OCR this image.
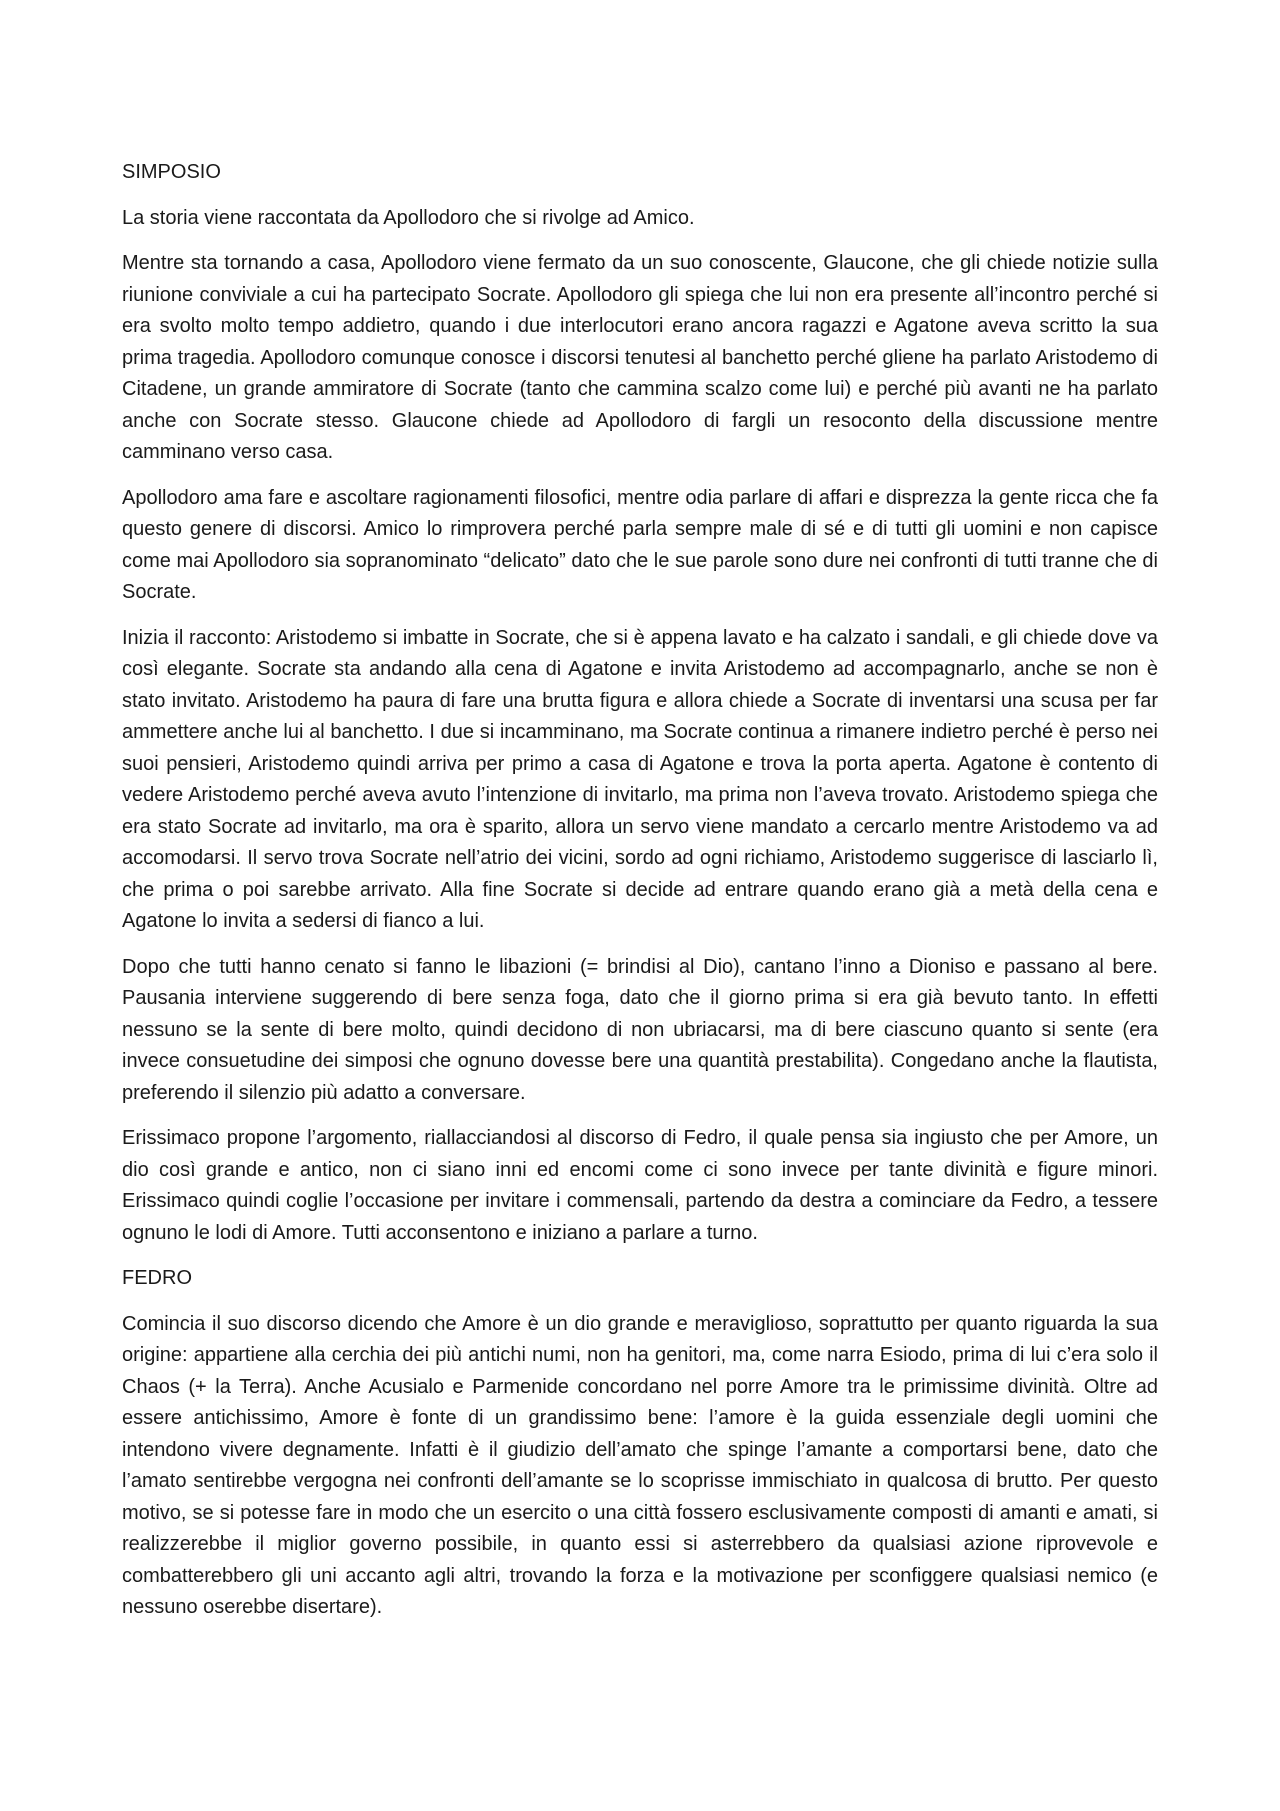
SIMPOSIO

La storia viene raccontata da Apollodoro che si rivolge ad Amico.

Mentre sta tornando a casa, Apollodoro viene fermato da un suo conoscente, Glaucone, che gli chiede notizie sulla riunione conviviale a cui ha partecipato Socrate. Apollodoro gli spiega che lui non era presente all’incontro perché si era svolto molto tempo addietro, quando i due interlocutori erano ancora ragazzi e Agatone aveva scritto la sua prima tragedia. Apollodoro comunque conosce i discorsi tenutesi al banchetto perché gliene ha parlato Aristodemo di Citadene, un grande ammiratore di Socrate (tanto che cammina scalzo come lui) e perché più avanti ne ha parlato anche con Socrate stesso. Glaucone chiede ad Apollodoro di fargli un resoconto della discussione mentre camminano verso casa.

Apollodoro ama fare e ascoltare ragionamenti filosofici, mentre odia parlare di affari e disprezza la gente ricca che fa questo genere di discorsi. Amico lo rimprovera perché parla sempre male di sé e di tutti gli uomini e non capisce come mai Apollodoro sia sopranominato “delicato” dato che le sue parole sono dure nei confronti di tutti tranne che di Socrate.

Inizia il racconto: Aristodemo si imbatte in Socrate, che si è appena lavato e ha calzato i sandali, e gli chiede dove va così elegante. Socrate sta andando alla cena di Agatone e invita Aristodemo ad accompagnarlo, anche se non è stato invitato. Aristodemo ha paura di fare una brutta figura e allora chiede a Socrate di inventarsi una scusa per far ammettere anche lui al banchetto. I due si incamminano, ma Socrate continua a rimanere indietro perché è perso nei suoi pensieri, Aristodemo quindi arriva per primo a casa di Agatone e trova la porta aperta. Agatone è contento di vedere Aristodemo perché aveva avuto l’intenzione di invitarlo, ma prima non l’aveva trovato. Aristodemo spiega che era stato Socrate ad invitarlo, ma ora è sparito, allora un servo viene mandato a cercarlo mentre Aristodemo va ad accomodarsi. Il servo trova Socrate nell’atrio dei vicini, sordo ad ogni richiamo, Aristodemo suggerisce di lasciarlo lì, che prima o poi sarebbe arrivato. Alla fine Socrate si decide ad entrare quando erano già a metà della cena e Agatone lo invita a sedersi di fianco a lui.

Dopo che tutti hanno cenato si fanno le libazioni (= brindisi al Dio), cantano l’inno a Dioniso e passano al bere. Pausania interviene suggerendo di bere senza foga, dato che il giorno prima si era già bevuto tanto. In effetti nessuno se la sente di bere molto, quindi decidono di non ubriacarsi, ma di bere ciascuno quanto si sente (era invece consuetudine dei simposi che ognuno dovesse bere una quantità prestabilita). Congedano anche la flautista, preferendo il silenzio più adatto a conversare.

Erissimaco propone l’argomento, riallacciandosi al discorso di Fedro, il quale pensa sia ingiusto che per Amore, un dio così grande e antico, non ci siano inni ed encomi come ci sono invece per tante divinità e figure minori. Erissimaco quindi coglie l’occasione per invitare i commensali, partendo da destra a cominciare da Fedro, a tessere ognuno le lodi di Amore. Tutti acconsentono e iniziano a parlare a turno.

FEDRO

Comincia il suo discorso dicendo che Amore è un dio grande e meraviglioso, soprattutto per quanto riguarda la sua origine: appartiene alla cerchia dei più antichi numi, non ha genitori, ma, come narra Esiodo, prima di lui c’era solo il Chaos (+ la Terra). Anche Acusialo e Parmenide concordano nel porre Amore tra le primissime divinità. Oltre ad essere antichissimo, Amore è fonte di un grandissimo bene: l’amore è la guida essenziale degli uomini che intendono vivere degnamente. Infatti è il giudizio dell’amato che spinge l’amante a comportarsi bene, dato che l’amato sentirebbe vergogna nei confronti dell’amante se lo scoprisse immischiato in qualcosa di brutto. Per questo motivo, se si potesse fare in modo che un esercito o una città fossero esclusivamente composti di amanti e amati, si realizzerebbe il miglior governo possibile, in quanto essi si asterrebbero da qualsiasi azione riprovevole e combatterebbero gli uni accanto agli altri, trovando la forza e la motivazione per sconfiggere qualsiasi nemico (e nessuno oserebbe disertare).
